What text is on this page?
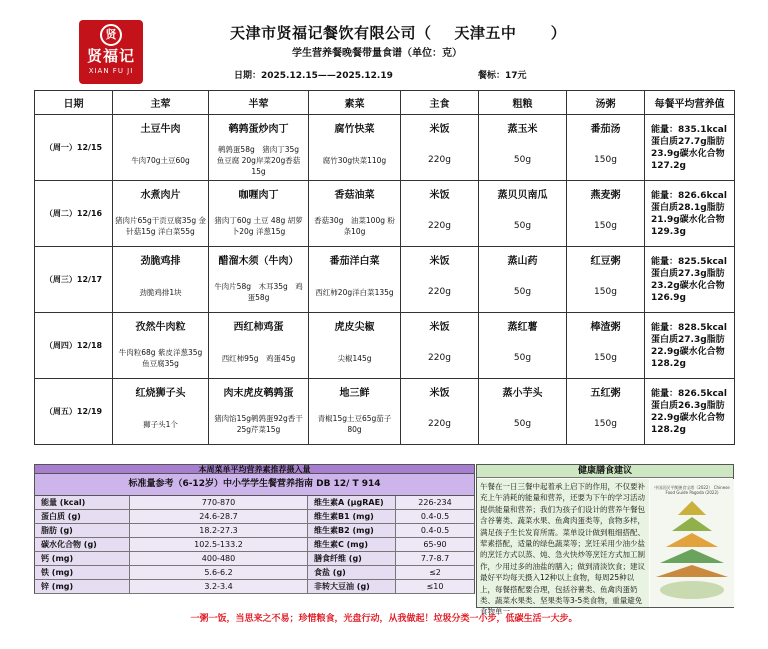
贤
贤福记
XIAN FU JI
天津市贤福记餐饮有限公司（    天津五中      ）
学生营养餐晚餐带量食谱（单位：克）
日期：2025.12.15——2025.12.19	餐标：17元
日期	主荤	半荤	素菜	主食	粗粮	汤粥	每餐平均营养值
（周一）12/15	土豆牛肉	鹌鹑蛋炒肉丁	腐竹快菜	米饭	蒸玉米	番茄汤	能量：835.1kcal 蛋白质27.7g脂肪23.9g碳水化合物127.2g
	牛肉70g土豆60g	鹌鹑蛋58g　猪肉丁35g　鱼豆腐 20g岸菜20g香菇15g	腐竹30g快菜110g	220g	50g	150g	
（周二）12/16	水煮肉片	咖喱肉丁	香菇油菜	米饭	蒸贝贝南瓜	燕麦粥	能量：826.6kcal 蛋白质28.1g脂肪21.9g碳水化合物129.3g
	猪肉片65g干贡豆腐35g 金针菇15g 洋白菜55g	猪肉丁60g 土豆 48g 胡萝卜20g 洋葱15g	香菇30g　油菜100g 粉条10g	220g	50g	150g	
（周三）12/17	劲脆鸡排	醋溜木须（牛肉）	番茄洋白菜	米饭	蒸山药	红豆粥	能量：825.5kcal 蛋白质27.3g脂肪23.2g碳水化合物126.9g
	劲脆鸡排1块	牛肉片58g　木耳35g　鸡蛋58g	西红柿20g洋白菜135g	220g	50g	150g	
（周四）12/18	孜然牛肉粒	西红柿鸡蛋	虎皮尖椒	米饭	蒸红薯	棒渣粥	能量：828.5kcal 蛋白质27.3g脂肪22.9g碳水化合物128.2g
	牛肉粒68g 紫皮洋葱35g 鱼豆腐35g	西红柿95g　鸡蛋45g	尖椒145g	220g	50g	150g	
（周五）12/19	红烧狮子头	肉末虎皮鹌鹑蛋	地三鲜	米饭	蒸小芋头	五红粥	能量：826.5kcal 蛋白质26.3g脂肪22.9g碳水化合物128.2g
	狮子头1个	猪肉馅15g鹌鹑蛋92g香干25g芹菜15g	青椒15g土豆65g茄子80g	220g	50g	150g	
本周菜单平均营养素推荐摄入量
标准量参考（6-12岁）中小学学生餐营养指南 DB 12/ T 914
能量 (kcal)	770-870	维生素A (μgRAE)	226-234
蛋白质 (g)	24.6-28.7	维生素B1 (mg)	0.4-0.5
脂肪 (g)	18.2-27.3	维生素B2 (mg)	0.4-0.5
碳水化合物 (g)	102.5-133.2	维生素C (mg)	65-90
钙 (mg)	400-480	膳食纤维 (g)	7.7-8.7
铁 (mg)	5.6-6.2	食盐 (g)	≤2
锌 (mg)	3.2-3.4	非转大豆油 (g)	≤10
健康膳食建议
午餐在一日三餐中起着承上启下的作用，不仅要补充上午消耗的能量和营养，还要为下午的学习活动提供能量和营养；我们为孩子们设计的营养午餐包含谷薯类、蔬菜水果、鱼禽肉蛋类等，食物多样，满足孩子生长发育所需。菜单设计做到粗细搭配、荤素搭配，适量的绿色蔬菜等；烹饪采用少油少盐的烹饪方式以蒸、炖、急火快炒等烹饪方式加工制作，少用过多的油盐的膳入；做到清淡饮食；建议最好平均每天摄入12种以上食物，每周25种以上，每餐搭配要合理，包括谷薯类、鱼禽肉蛋奶类、蔬菜水果类、坚果类等3-5类食物，重量避免食物单一。
中国居民平衡膳食宝塔（2022） Chinese Food Guide Pagoda (2022)
一粥一饭，当思来之不易；珍惜粮食，光盘行动，从我做起！垃圾分类一小步，低碳生活一大步。
